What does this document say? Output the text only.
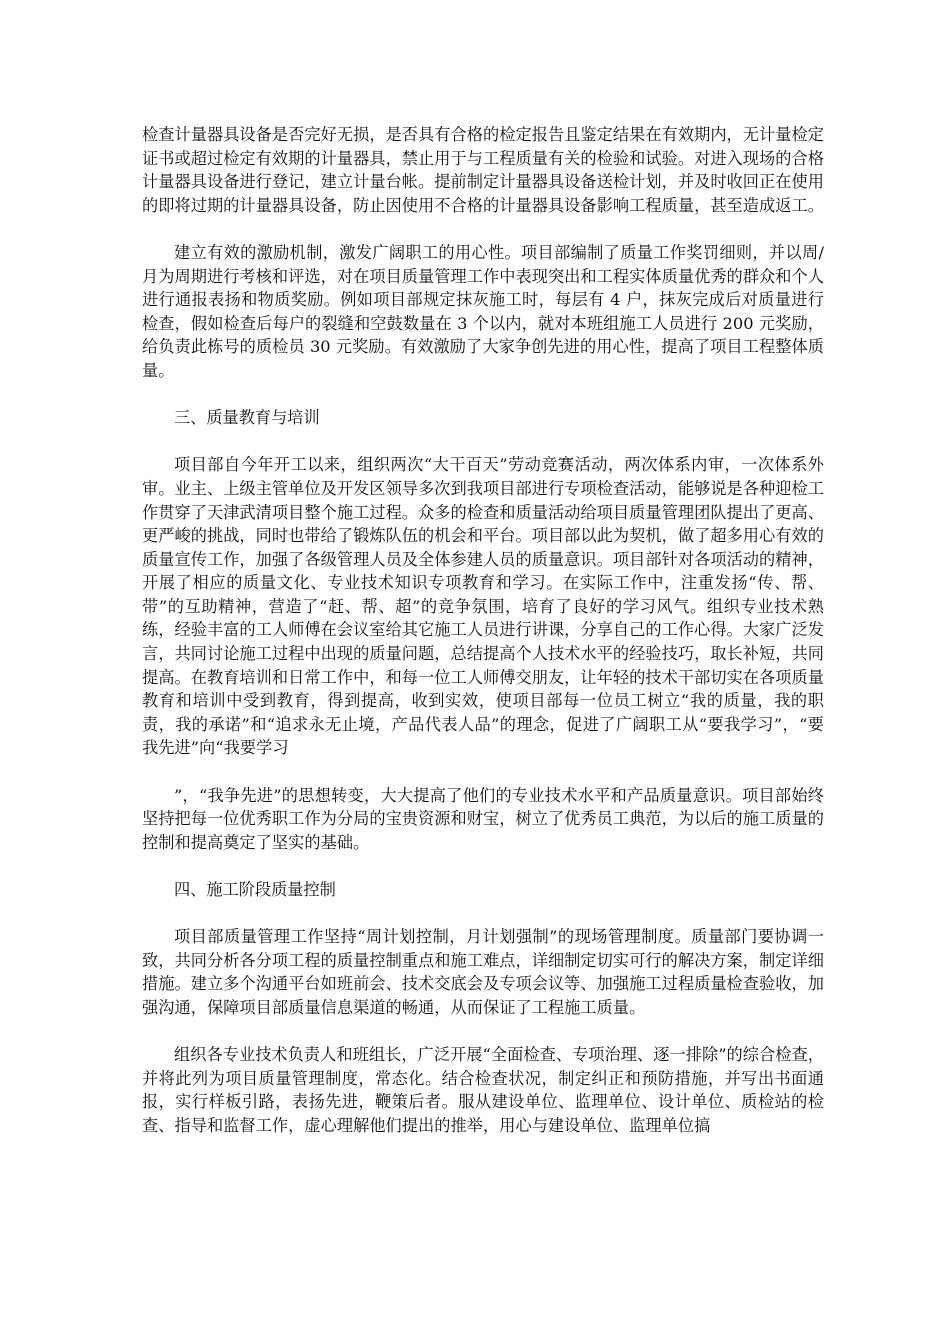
检查计量器具设备是否完好无损，是否具有合格的检定报告且鉴定结果在有效期内，无计量检定证书或超过检定有效期的计量器具，禁止用于与工程质量有关的检验和试验。对进入现场的合格计量器具设备进行登记，建立计量台帐。提前制定计量器具设备送检计划，并及时收回正在使用的即将过期的计量器具设备，防止因使用不合格的计量器具设备影响工程质量，甚至造成返工。

建立有效的激励机制，激发广阔职工的用心性。项目部编制了质量工作奖罚细则，并以周/月为周期进行考核和评选，对在项目质量管理工作中表现突出和工程实体质量优秀的群众和个人进行通报表扬和物质奖励。例如项目部规定抹灰施工时，每层有 4 户，抹灰完成后对质量进行检查，假如检查后每户的裂缝和空鼓数量在 3 个以内，就对本班组施工人员进行 200 元奖励，给负责此栋号的质检员 30 元奖励。有效激励了大家争创先进的用心性，提高了项目工程整体质量。

三、质量教育与培训

项目部自今年开工以来，组织两次“大干百天”劳动竞赛活动，两次体系内审，一次体系外审。业主、上级主管单位及开发区领导多次到我项目部进行专项检查活动，能够说是各种迎检工作贯穿了天津武清项目整个施工过程。众多的检查和质量活动给项目质量管理团队提出了更高、更严峻的挑战，同时也带给了锻炼队伍的机会和平台。项目部以此为契机，做了超多用心有效的质量宣传工作，加强了各级管理人员及全体参建人员的质量意识。项目部针对各项活动的精神，开展了相应的质量文化、专业技术知识专项教育和学习。在实际工作中，注重发扬“传、帮、带”的互助精神，营造了“赶、帮、超”的竞争氛围，培育了良好的学习风气。组织专业技术熟练，经验丰富的工人师傅在会议室给其它施工人员进行讲课，分享自己的工作心得。大家广泛发言，共同讨论施工过程中出现的质量问题，总结提高个人技术水平的经验技巧，取长补短，共同提高。在教育培训和日常工作中，和每一位工人师傅交朋友，让年轻的技术干部切实在各项质量教育和培训中受到教育，得到提高，收到实效，使项目部每一位员工树立“我的质量，我的职责，我的承诺”和“追求永无止境，产品代表人品”的理念，促进了广阔职工从“要我学习”，“要我先进”向“我要学习

”，“我争先进”的思想转变，大大提高了他们的专业技术水平和产品质量意识。项目部始终坚持把每一位优秀职工作为分局的宝贵资源和财宝，树立了优秀员工典范，为以后的施工质量的控制和提高奠定了坚实的基础。

四、施工阶段质量控制

项目部质量管理工作坚持“周计划控制，月计划强制”的现场管理制度。质量部门要协调一致，共同分析各分项工程的质量控制重点和施工难点，详细制定切实可行的解决方案，制定详细措施。建立多个沟通平台如班前会、技术交底会及专项会议等、加强施工过程质量检查验收，加强沟通，保障项目部质量信息渠道的畅通，从而保证了工程施工质量。

组织各专业技术负责人和班组长，广泛开展“全面检查、专项治理、逐一排除”的综合检查，并将此列为项目质量管理制度，常态化。结合检查状况，制定纠正和预防措施，并写出书面通报，实行样板引路，表扬先进，鞭策后者。服从建设单位、监理单位、设计单位、质检站的检查、指导和监督工作，虚心理解他们提出的推举，用心与建设单位、监理单位搞
